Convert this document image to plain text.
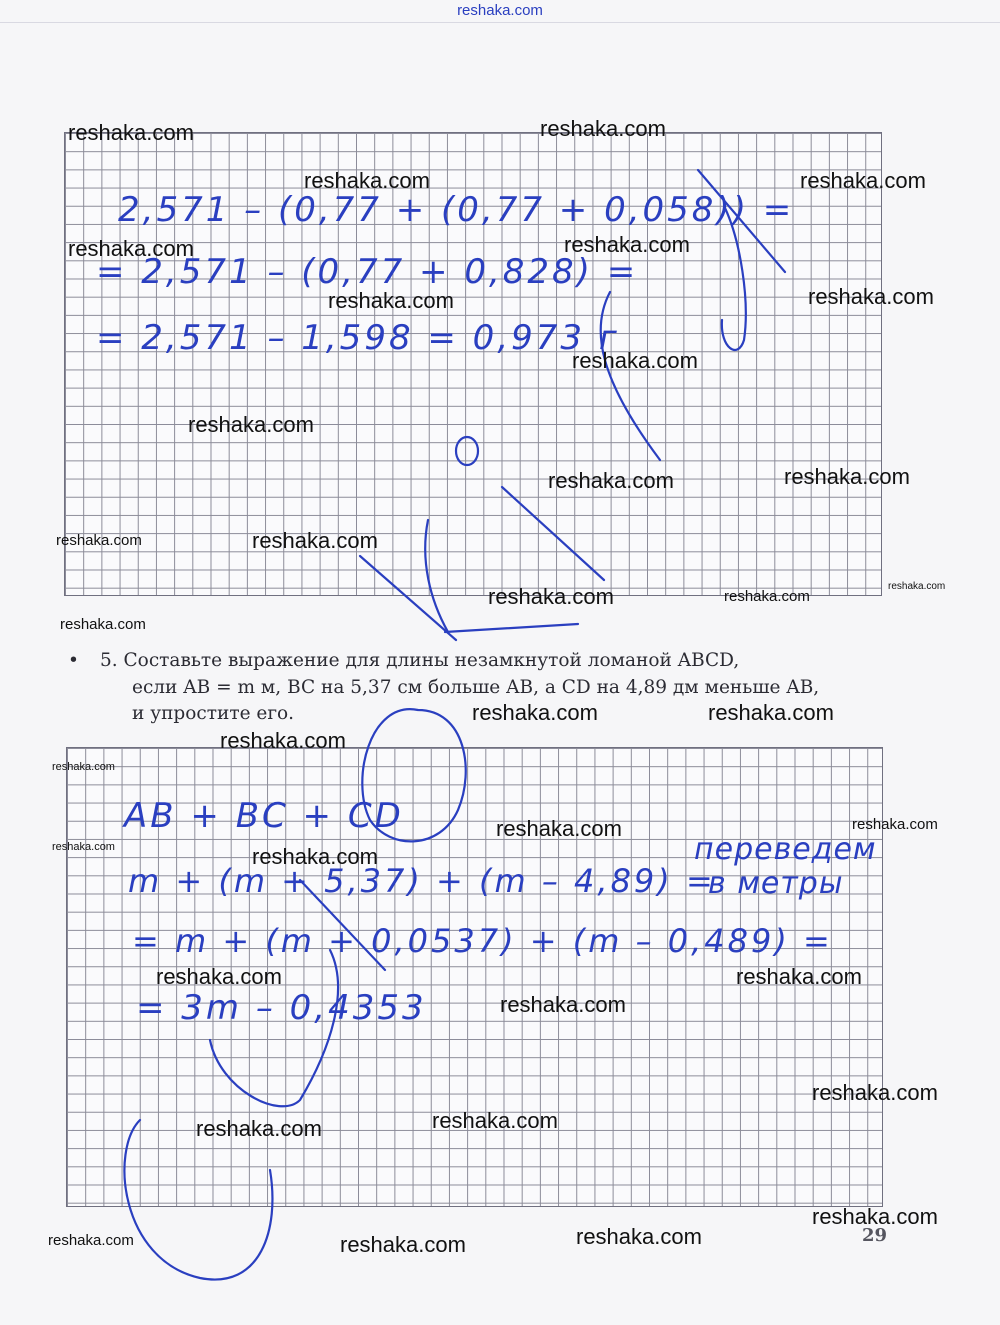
reshaka.com
2,571 – (0,77 + (0,77 + 0,058)) =
= 2,571 – (0,77 + 0,828) =
= 2,571 – 1,598 = 0,973 г
• 5. Составьте выражение для длины незамкнутой ломаной ABCD,
если AB = m м, BC на 5,37 см больше AB, а CD на 4,89 дм меньше AB,
и упростите его.
AB + BC + CD
m + (m + 5,37) + (m – 4,89) =
= m + (m + 0,0537) + (m – 0,489) =
= 3m – 0,4353
переведем
в метры
29
reshaka.com	reshaka.com
reshaka.com	reshaka.com
reshaka.com	reshaka.com
reshaka.com	reshaka.com
reshaka.com
reshaka.com
reshaka.com	reshaka.com
reshaka.com	reshaka.com
reshaka.com	reshaka.com
reshaka.com
reshaka.com
reshaka.com	reshaka.com
reshaka.com
reshaka.com
reshaka.com	reshaka.com
reshaka.com	reshaka.com
reshaka.com	reshaka.com
reshaka.com
reshaka.com
reshaka.com
reshaka.com
reshaka.com
reshaka.com
reshaka.com	reshaka.com
